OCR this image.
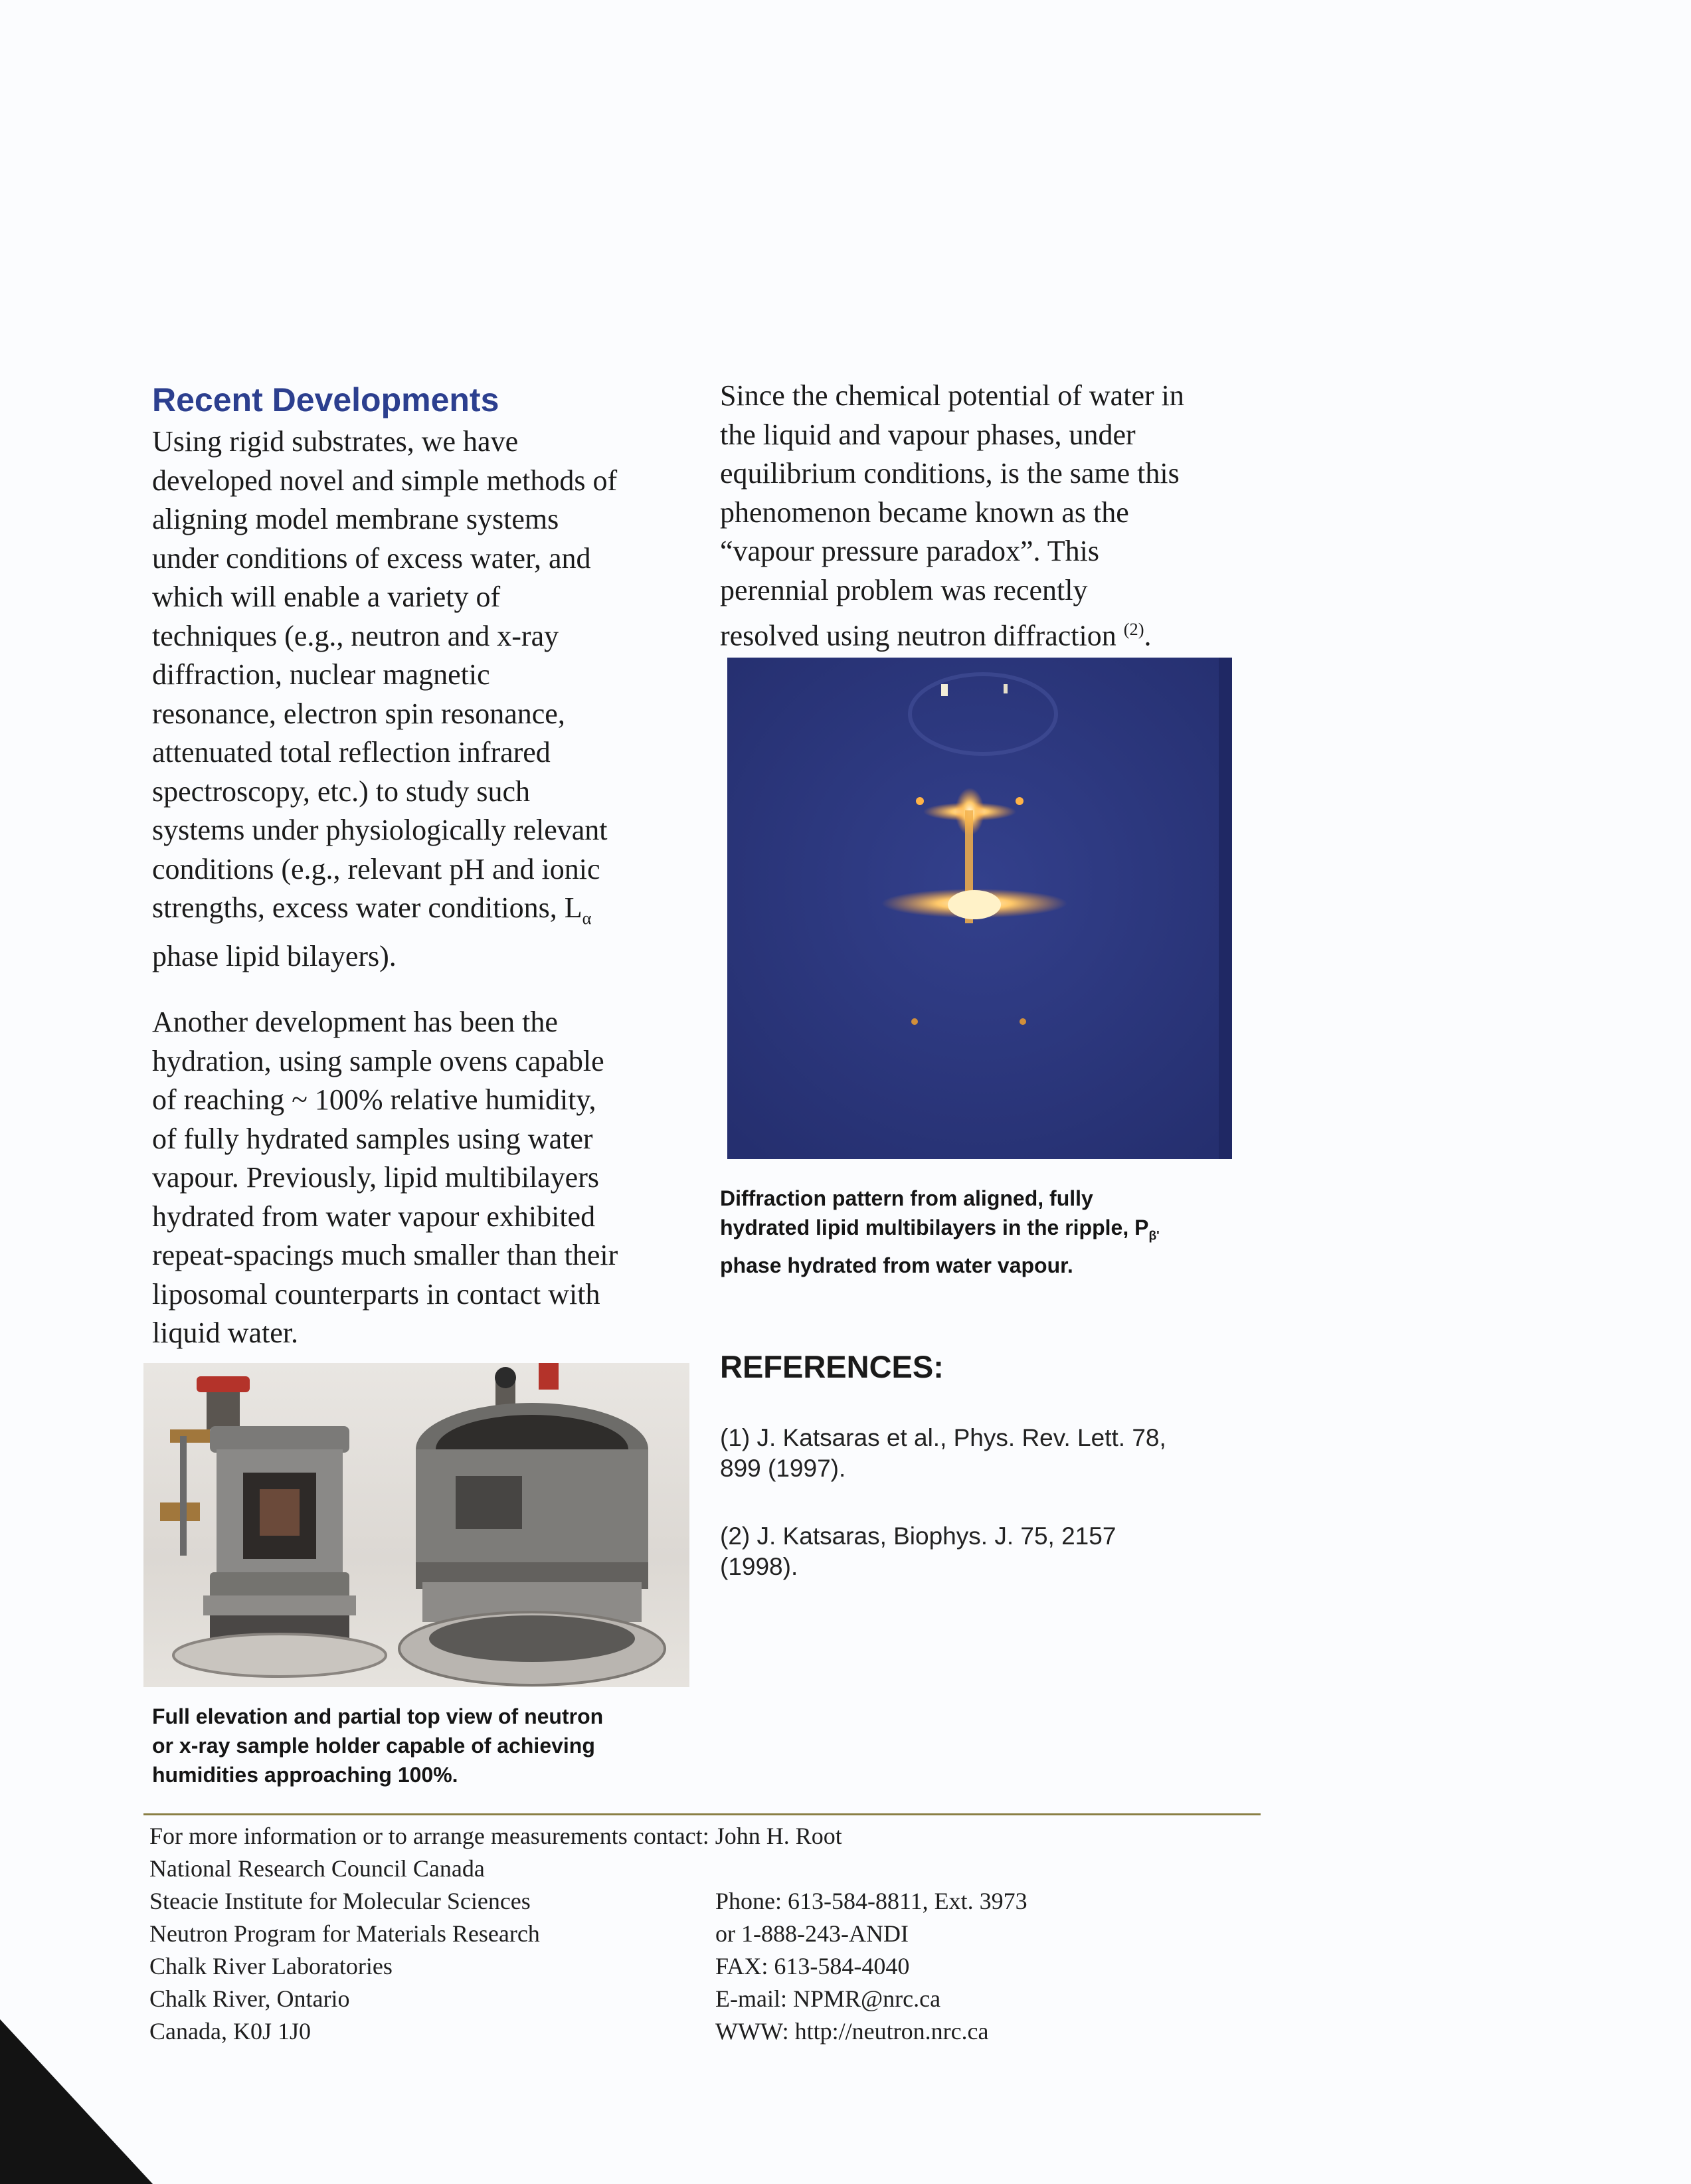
Recent Developments

Using rigid substrates, we have
developed novel and simple methods of
aligning model membrane systems
under conditions of excess water, and
which will enable a variety of
techniques (e.g., neutron and x-ray
diffraction, nuclear magnetic
resonance, electron spin resonance,
attenuated total reflection infrared
spectroscopy, etc.) to study such
systems under physiologically relevant
conditions (e.g., relevant pH and ionic

strengths, excess water conditions, $L_\alpha$

phase lipid bilayers).

Another development has been the
hydration, using sample ovens capable
of reaching ~ 100% relative humidity,
of fully hydrated samples using water
vapour. Previously, lipid multibilayers
hydrated from water vapour exhibited
repeat-spacings much smaller than their
liposomal counterparts in contact with
liquid water.

Full elevation and partial top view of neutron
or x-ray sample holder capable of achieving
humidities approaching 100%.

Since the chemical potential of water in
the liquid and vapour phases, under
equilibrium conditions, is the same this
phenomenon became known as the
“vapour pressure paradox”. This
perennial problem was recently

resolved using neutron diffraction $^{(2)}$.

Diffraction pattern from aligned, fully
hydrated lipid multibilayers in the ripple, $P_{\beta'}$
phase hydrated from water vapour.
REFERENCES:
(1) J. Katsaras et al., Phys. Rev. Lett. 78,
899 (1997).
(2) J. Katsaras, Biophys. J. 75, 2157
(1998).
For more information or to arrange measurements contact: John H. Root
National Research Council Canada
Steacie Institute for Molecular Sciences
Neutron Program for Materials Research
Chalk River Laboratories
Chalk River, Ontario
Canada, K0J 1J0
Phone: 613-584-8811, Ext. 3973
or 1-888-243-ANDI
FAX: 613-584-4040
E-mail: NPMR@nrc.ca
WWW: http://neutron.nrc.ca
